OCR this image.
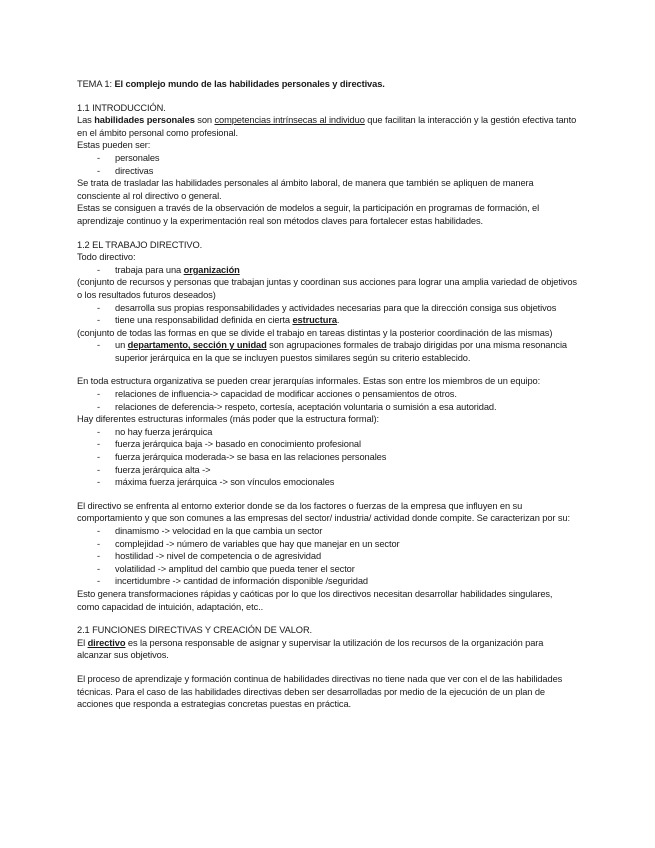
TEMA 1: El complejo mundo de las habilidades personales y directivas.
1.1 INTRODUCCIÓN.
Las habilidades personales son competencias intrínsecas al individuo que facilitan la interacción y la gestión efectiva tanto en el ámbito personal como profesional.
Estas pueden ser:
-	personales
-	directivas
Se trata de trasladar las habilidades personales al ámbito laboral, de manera que también se apliquen de manera consciente al rol directivo o general.
Estas se consiguen a través de la observación de modelos a seguir, la participación en programas de formación, el aprendizaje continuo y la experimentación real son métodos claves para fortalecer estas habilidades.
1.2 EL TRABAJO DIRECTIVO.
Todo directivo:
-	trabaja para una organización
(conjunto de recursos y personas que trabajan juntas y coordinan sus acciones para lograr una amplia variedad de objetivos o los resultados futuros deseados)
-	desarrolla sus propias responsabilidades y actividades necesarias para que la dirección consiga sus objetivos
-	tiene una responsabilidad definida en cierta estructura.
(conjunto de todas las formas en que se divide el trabajo en tareas distintas y la posterior coordinación de las mismas)
-	un departamento, sección y unidad son agrupaciones formales de trabajo dirigidas por una misma resonancia superior jerárquica en la que se incluyen puestos similares según su criterio establecido.
En toda estructura organizativa se pueden crear jerarquías informales. Estas son entre los miembros de un equipo:
-	relaciones de influencia-> capacidad de modificar acciones o pensamientos de otros.
-	relaciones de deferencia-> respeto, cortesía, aceptación voluntaria o sumisión a esa autoridad.
Hay diferentes estructuras informales (más poder que la estructura formal):
-	no hay fuerza jerárquica
-	fuerza jerárquica baja -> basado en conocimiento profesional
-	fuerza jerárquica moderada-> se basa en las relaciones personales
-	fuerza jerárquica alta ->
-	máxima fuerza jerárquica -> son vínculos emocionales
El directivo se enfrenta al entorno exterior donde se da los factores o fuerzas de la empresa que influyen en su comportamiento y que son comunes a las empresas del sector/ industria/ actividad donde compite. Se caracterizan por su:
-	dinamismo -> velocidad en la que cambia un sector
-	complejidad -> número de variables que hay que manejar en un sector
-	hostilidad -> nivel de competencia o de agresividad
-	volatilidad -> amplitud del cambio que pueda tener el sector
-	incertidumbre -> cantidad de información disponible /seguridad
Esto genera transformaciones rápidas y caóticas por lo que los directivos necesitan desarrollar habilidades singulares, como capacidad de intuición, adaptación, etc..
2.1 FUNCIONES DIRECTIVAS Y CREACIÓN DE VALOR.
El directivo es la persona responsable de asignar y supervisar la utilización de los recursos de la organización para alcanzar sus objetivos.
El proceso de aprendizaje y formación continua de habilidades directivas no tiene nada que ver con el de las habilidades técnicas. Para el caso de las habilidades directivas deben ser desarrolladas por medio de la ejecución de un plan de acciones que responda a estrategias concretas puestas en práctica.
